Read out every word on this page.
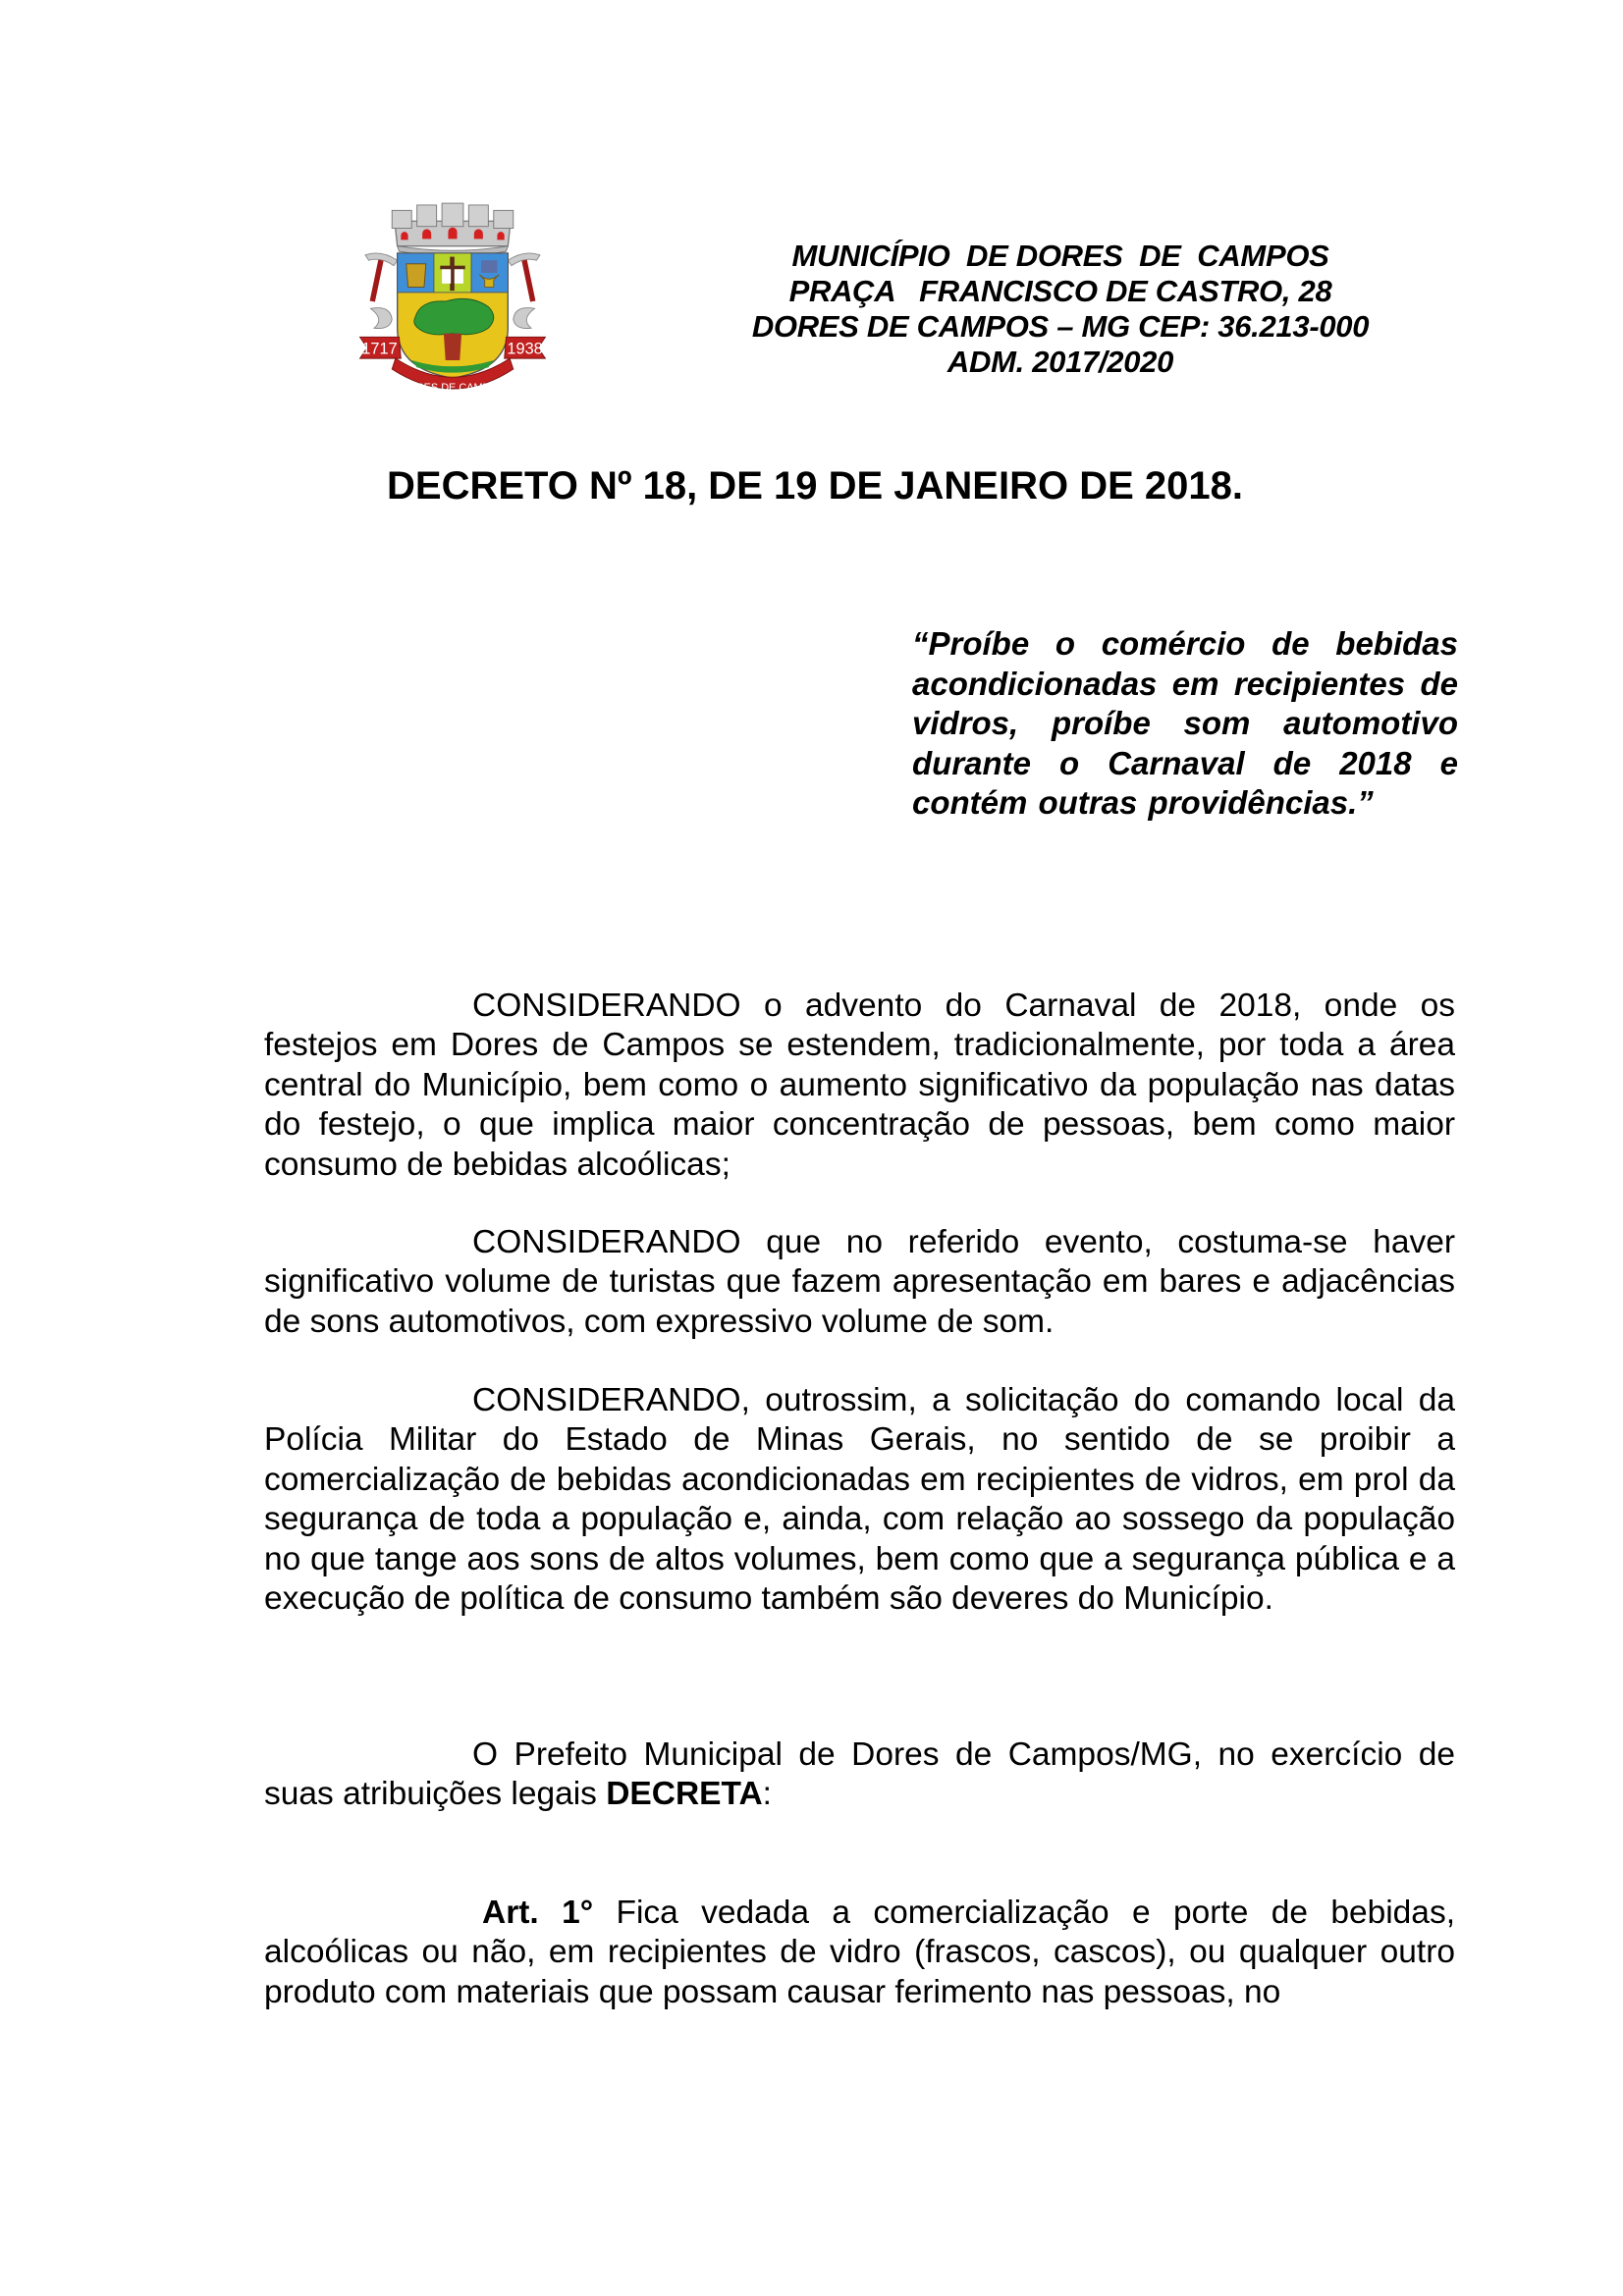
1717	1938
DORES DE CAMPOS
MUNICÍPIO  DE DORES  DE  CAMPOS
PRAÇA   FRANCISCO DE CASTRO, 28
DORES DE CAMPOS – MG CEP: 36.213-000
ADM. 2017/2020
DECRETO Nº 18, DE 19 DE JANEIRO DE 2018.
“Proíbe o comércio de bebidas acondicionadas em recipientes de vidros, proíbe som automotivo durante o Carnaval de 2018 e contém outras providências.”
CONSIDERANDO o advento do Carnaval de 2018, onde os festejos em Dores de Campos se estendem, tradicionalmente, por toda a área central do Município, bem como o aumento significativo da população nas datas do festejo, o que implica maior concentração de pessoas, bem como maior consumo de bebidas alcoólicas;
CONSIDERANDO que no referido evento, costuma-se haver significativo volume de turistas que fazem apresentação em bares e adjacências de sons automotivos, com expressivo volume de som.
CONSIDERANDO, outrossim, a solicitação do comando local da Polícia Militar do Estado de Minas Gerais, no sentido de se proibir a comercialização de bebidas acondicionadas em recipientes de vidros, em prol da segurança de toda a população e, ainda, com relação ao sossego da população no que tange aos sons de altos volumes, bem como que a segurança pública e a execução de política de consumo também são deveres do Município.
O Prefeito Municipal de Dores de Campos/MG, no exercício de suas atribuições legais DECRETA:
Art. 1° Fica vedada a comercialização e porte de bebidas, alcoólicas ou não, em recipientes de vidro (frascos, cascos), ou qualquer outro produto com materiais que possam causar ferimento nas pessoas, no
